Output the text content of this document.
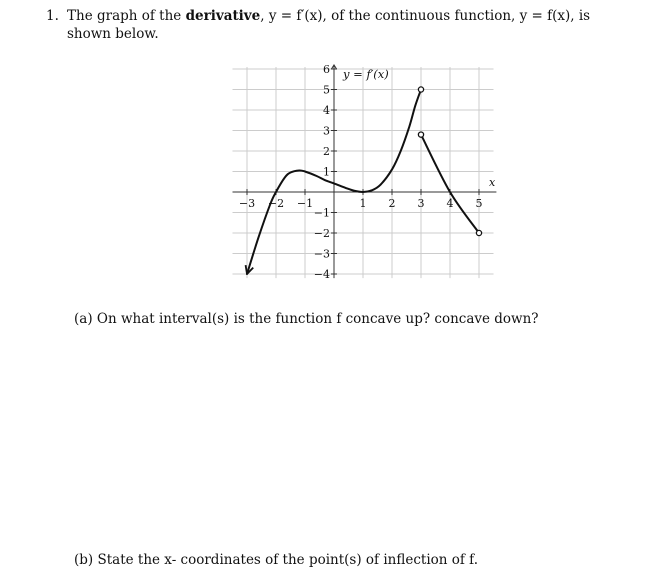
1. The graph of the derivative, y = f′(x), of the continuous function, y = f(x), is shown below.
−3 −2 −1	1 2 3 4 5
6
5
4
3
2
1
−1
−2
−3
−4
x
y = f′(x)
(a) On what interval(s) is the function f concave up? concave down?
(b) State the x- coordinates of the point(s) of inflection of f.
